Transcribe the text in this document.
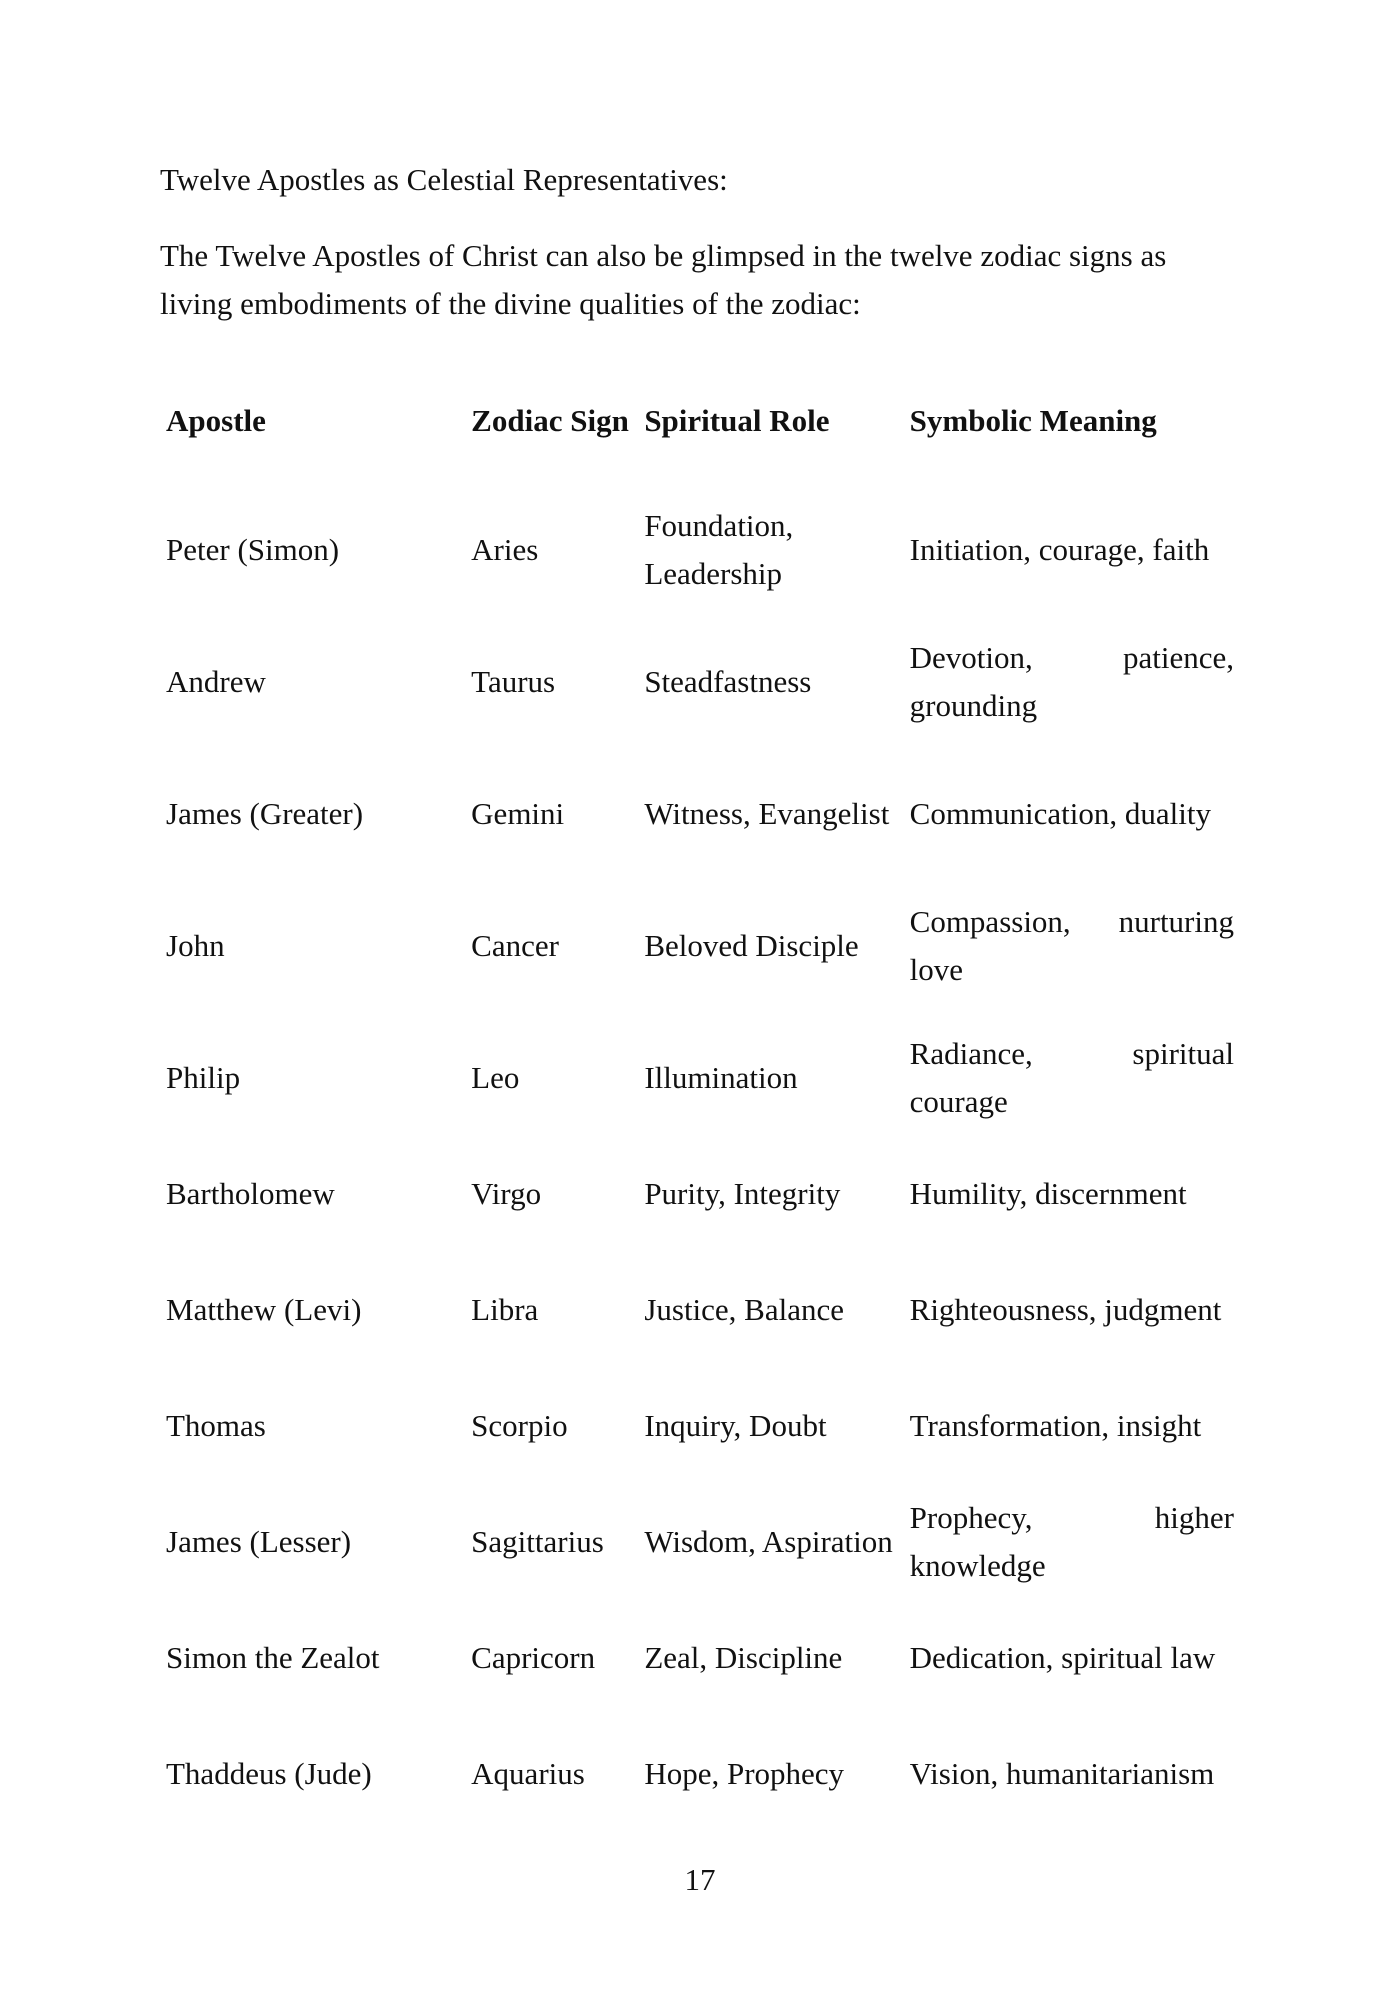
Twelve Apostles as Celestial Representatives:

The Twelve Apostles of Christ can also be glimpsed in the twelve zodiac signs as living embodiments of the divine qualities of the zodiac:

Apostle	Zodiac Sign	Spiritual Role	Symbolic Meaning
Peter (Simon)	Aries	Foundation, Leadership	Initiation, courage, faith
Andrew	Taurus	Steadfastness	Devotion, patience, grounding
James (Greater)	Gemini	Witness, Evangelist	Communication, duality
John	Cancer	Beloved Disciple	Compassion, nurturing love
Philip	Leo	Illumination	Radiance, spiritual courage
Bartholomew	Virgo	Purity, Integrity	Humility, discernment
Matthew (Levi)	Libra	Justice, Balance	Righteousness, judgment
Thomas	Scorpio	Inquiry, Doubt	Transformation, insight
James (Lesser)	Sagittarius	Wisdom, Aspiration	Prophecy, higher knowledge
Simon the Zealot	Capricorn	Zeal, Discipline	Dedication, spiritual law
Thaddeus (Jude)	Aquarius	Hope, Prophecy	Vision, humanitarianism
17
